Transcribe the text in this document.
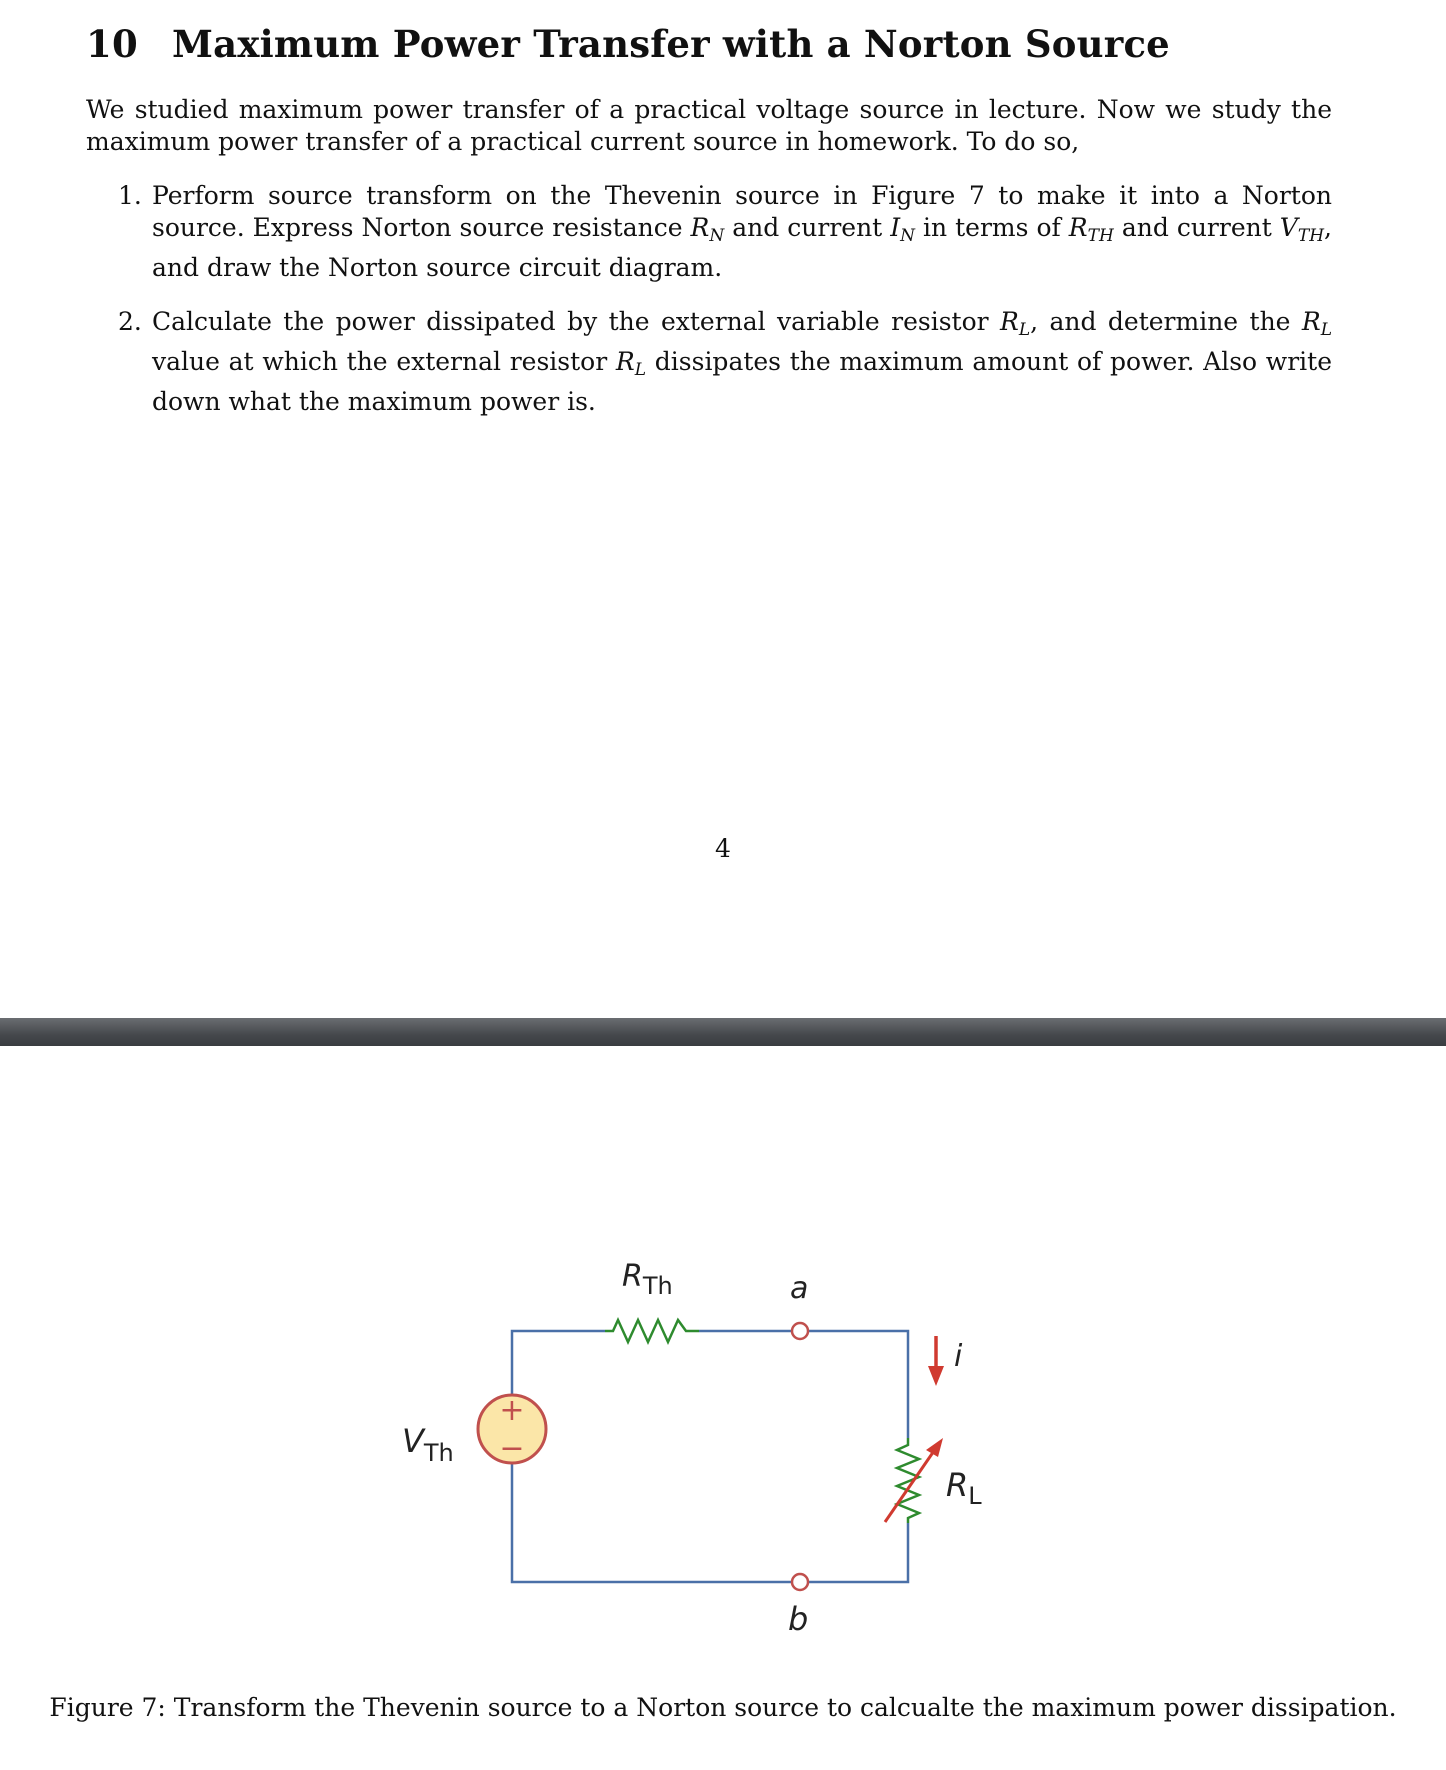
10 Maximum Power Transfer with a Norton Source
We studied maximum power transfer of a practical voltage source in lecture. Now we study the maximum power transfer of a practical current source in homework. To do so,
1. Perform source transform on the Thevenin source in Figure 7 to make it into a Norton source. Express Norton source resistance $R_N$ and current $I_N$ in terms of $R_{TH}$ and current $V_{TH}$, and draw the Norton source circuit diagram.
2. Calculate the power dissipated by the external variable resistor $R_L$, and determine the $R_L$ value at which the external resistor $R_L$ dissipates the maximum amount of power. Also write down what the maximum power is.
4
$R_{Th}$	a
b
+
−
$V_{Th}$
i
$R_L$
Figure 7: Transform the Thevenin source to a Norton source to calcualte the maximum power dissipation.
